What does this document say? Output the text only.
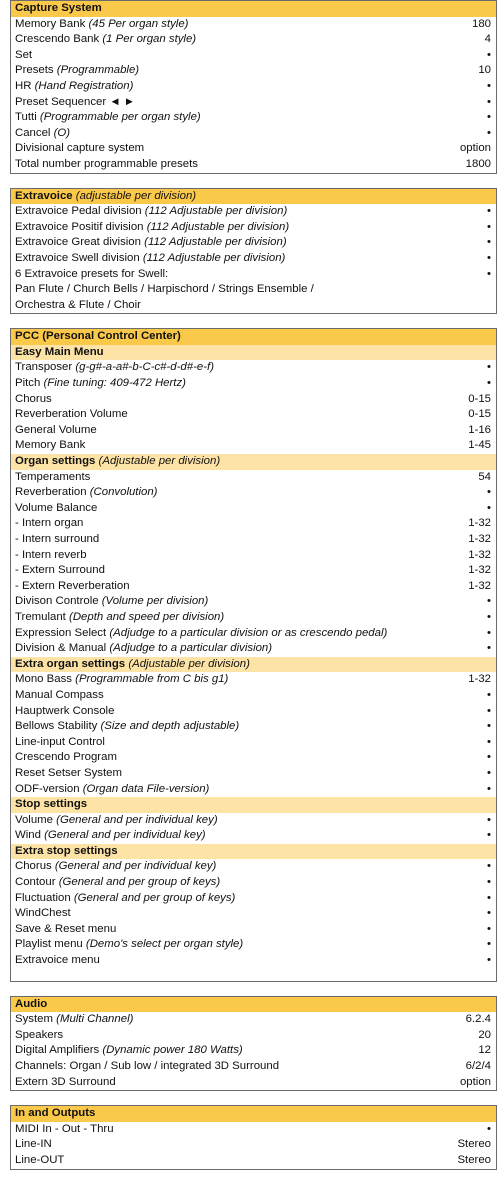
Capture System
Memory Bank (45 Per organ style)	180
Crescendo Bank (1 Per organ style)	4
Set	•
Presets (Programmable)	10
HR (Hand Registration)	•
Preset Sequencer ◄ ►	•
Tutti (Programmable per organ style)	•
Cancel (O)	•
Divisional capture system	option
Total number programmable presets	1800
Extravoice (adjustable per division)
Extravoice Pedal division (112 Adjustable per division)	•
Extravoice Positif division (112 Adjustable per division)	•
Extravoice Great division (112 Adjustable per division)	•
Extravoice Swell division (112 Adjustable per division)	•
6 Extravoice presets for Swell:	•
Pan Flute / Church Bells / Harpischord / Strings Ensemble /
Orchestra & Flute / Choir
PCC (Personal Control Center)
Easy Main Menu
Transposer (g-g#-a-a#-b-C-c#-d-d#-e-f)	•
Pitch (Fine tuning: 409-472 Hertz)	•
Chorus	0-15
Reverberation Volume	0-15
General Volume	1-16
Memory Bank	1-45
Organ settings (Adjustable per division)
Temperaments	54
Reverberation (Convolution)	•
Volume Balance	•
- Intern organ	1-32
- Intern surround	1-32
- Intern reverb	1-32
- Extern Surround	1-32
- Extern Reverberation	1-32
Divison Controle (Volume per division)	•
Tremulant (Depth and speed per division)	•
Expression Select (Adjudge to a particular division or as crescendo pedal)	•
Division & Manual (Adjudge to a particular division)	•
Extra organ settings (Adjustable per division)
Mono Bass (Programmable from C bis g1)	1-32
Manual Compass	•
Hauptwerk Console	•
Bellows Stability (Size and depth adjustable)	•
Line-input Control	•
Crescendo Program	•
Reset Setser System	•
ODF-version (Organ data File-version)	•
Stop settings
Volume (General and per individual key)	•
Wind (General and per individual key)	•
Extra stop settings
Chorus (General and per individual key)	•
Contour (General and per group of keys)	•
Fluctuation (General and per group of keys)	•
WindChest	•
Save & Reset menu	•
Playlist menu (Demo's select per organ style)	•
Extravoice menu	•
Audio
System (Multi Channel)	6.2.4
Speakers	20
Digital Amplifiers (Dynamic power 180 Watts)	12
Channels: Organ / Sub low / integrated 3D Surround	6/2/4
Extern 3D Surround	option
In and Outputs
MIDI In - Out - Thru	•
Line-IN	Stereo
Line-OUT	Stereo
